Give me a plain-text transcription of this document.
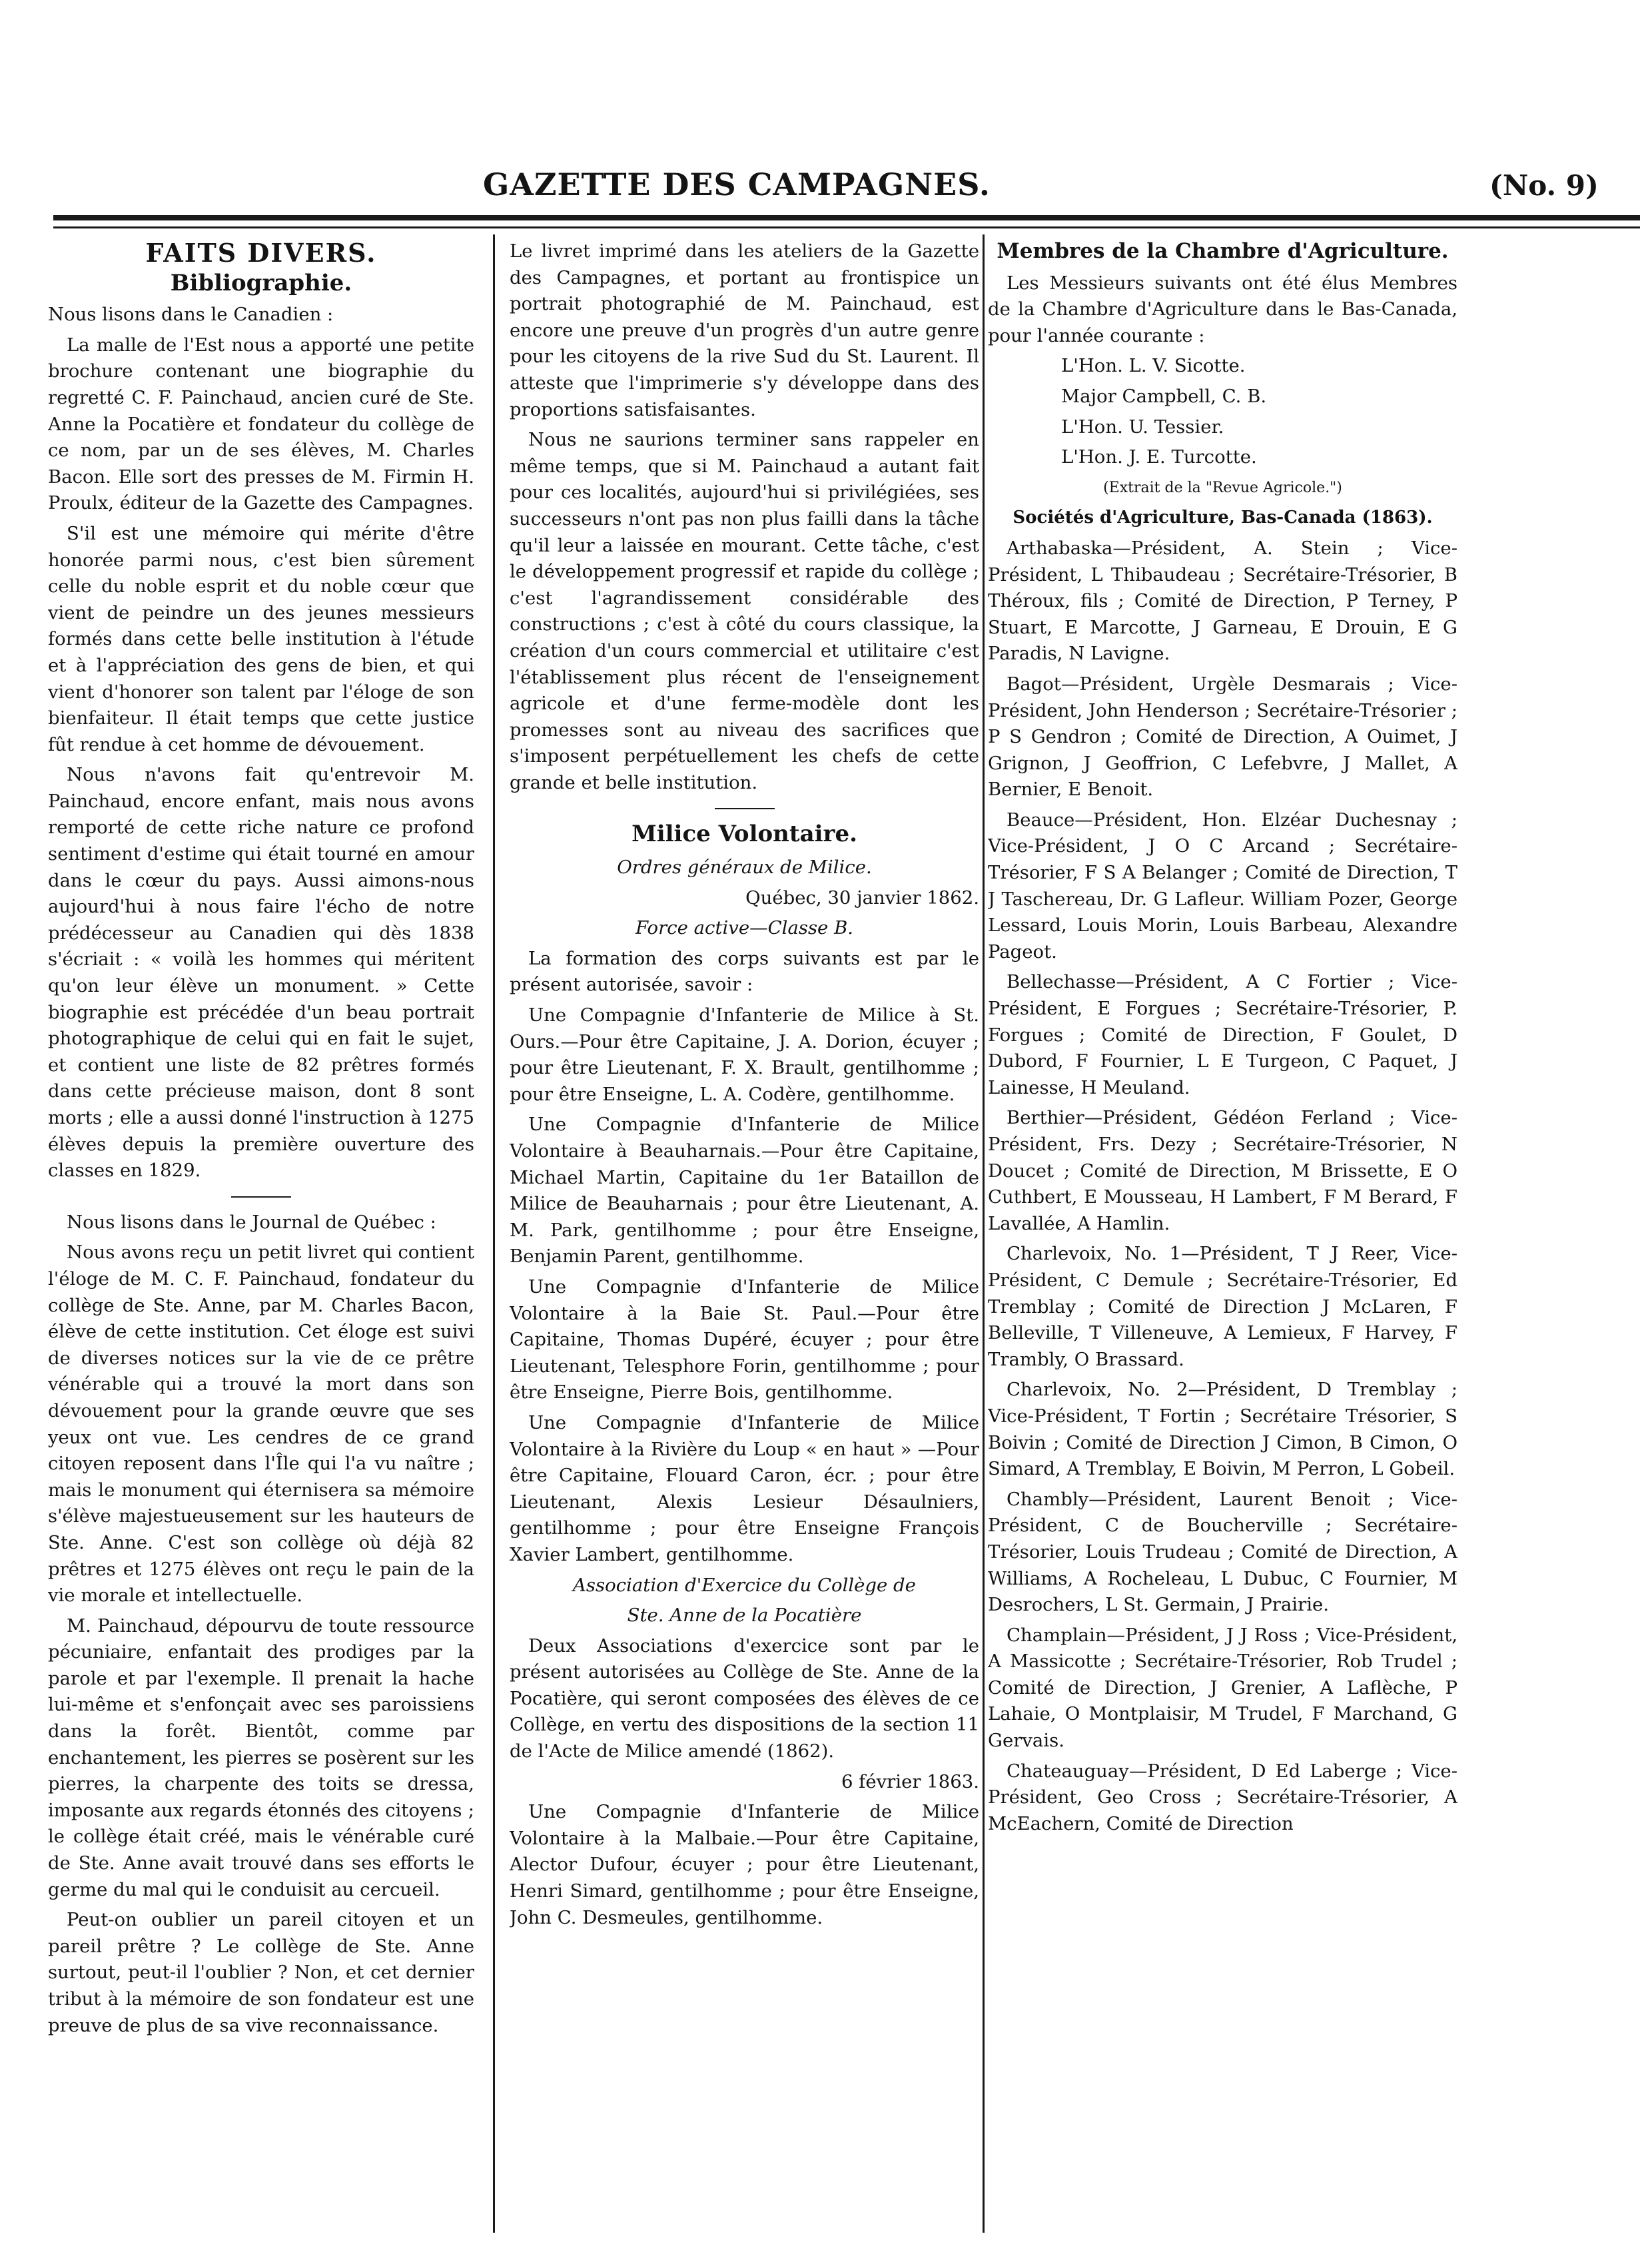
GAZETTE DES CAMPAGNES.	(No. 9)
FAITS DIVERS.
Bibliographie.

Nous lisons dans le Canadien :

La malle de l'Est nous a apporté une petite brochure contenant une biographie du regretté C. F. Painchaud, ancien curé de Ste. Anne la Pocatière et fondateur du collège de ce nom, par un de ses élèves, M. Charles Bacon. Elle sort des presses de M. Firmin H. Proulx, éditeur de la Gazette des Campagnes.

S'il est une mémoire qui mérite d'être honorée parmi nous, c'est bien sûrement celle du noble esprit et du noble cœur que vient de peindre un des jeunes messieurs formés dans cette belle institution à l'étude et à l'appréciation des gens de bien, et qui vient d'honorer son talent par l'éloge de son bienfaiteur. Il était temps que cette justice fût rendue à cet homme de dévouement.

Nous n'avons fait qu'entrevoir M. Painchaud, encore enfant, mais nous avons remporté de cette riche nature ce profond sentiment d'estime qui était tourné en amour dans le cœur du pays. Aussi aimons-nous aujourd'hui à nous faire l'écho de notre prédécesseur au Canadien qui dès 1838 s'écriait : « voilà les hommes qui méritent qu'on leur élève un monument. » Cette biographie est précédée d'un beau portrait photographique de celui qui en fait le sujet, et contient une liste de 82 prêtres formés dans cette précieuse maison, dont 8 sont morts ; elle a aussi donné l'instruction à 1275 élèves depuis la première ouverture des classes en 1829.

Nous lisons dans le Journal de Québec :

Nous avons reçu un petit livret qui contient l'éloge de M. C. F. Painchaud, fondateur du collège de Ste. Anne, par M. Charles Bacon, élève de cette institution. Cet éloge est suivi de diverses notices sur la vie de ce prêtre vénérable qui a trouvé la mort dans son dévouement pour la grande œuvre que ses yeux ont vue. Les cendres de ce grand citoyen reposent dans l'Île qui l'a vu naître ; mais le monument qui éternisera sa mémoire s'élève majestueusement sur les hauteurs de Ste. Anne. C'est son collège où déjà 82 prêtres et 1275 élèves ont reçu le pain de la vie morale et intellectuelle.

M. Painchaud, dépourvu de toute ressource pécuniaire, enfantait des prodiges par la parole et par l'exemple. Il prenait la hache lui-même et s'enfonçait avec ses paroissiens dans la forêt. Bientôt, comme par enchantement, les pierres se posèrent sur les pierres, la charpente des toits se dressa, imposante aux regards étonnés des citoyens ; le collège était créé, mais le vénérable curé de Ste. Anne avait trouvé dans ses efforts le germe du mal qui le conduisit au cercueil.

Peut-on oublier un pareil citoyen et un pareil prêtre ? Le collège de Ste. Anne surtout, peut-il l'oublier ? Non, et cet dernier tribut à la mémoire de son fondateur est une preuve de plus de sa vive reconnaissance.

Le livret imprimé dans les ateliers de la Gazette des Campagnes, et portant au frontispice un portrait photographié de M. Painchaud, est encore une preuve d'un progrès d'un autre genre pour les citoyens de la rive Sud du St. Laurent. Il atteste que l'imprimerie s'y développe dans des proportions satisfaisantes.

Nous ne saurions terminer sans rappeler en même temps, que si M. Painchaud a autant fait pour ces localités, aujourd'hui si privilégiées, ses successeurs n'ont pas non plus failli dans la tâche qu'il leur a laissée en mourant. Cette tâche, c'est le développement progressif et rapide du collège ; c'est l'agrandissement considérable des constructions ; c'est à côté du cours classique, la création d'un cours commercial et utilitaire c'est l'établissement plus récent de l'enseignement agricole et d'une ferme-modèle dont les promesses sont au niveau des sacrifices que s'imposent perpétuellement les chefs de cette grande et belle institution.

Milice Volontaire.

Ordres généraux de Milice.

Québec, 30 janvier 1862.

Force active—Classe B.

La formation des corps suivants est par le présent autorisée, savoir :

Une Compagnie d'Infanterie de Milice à St. Ours.—Pour être Capitaine, J. A. Dorion, écuyer ; pour être Lieutenant, F. X. Brault, gentilhomme ; pour être Enseigne, L. A. Codère, gentilhomme.

Une Compagnie d'Infanterie de Milice Volontaire à Beauharnais.—Pour être Capitaine, Michael Martin, Capitaine du 1er Bataillon de Milice de Beauharnais ; pour être Lieutenant, A. M. Park, gentilhomme ; pour être Enseigne, Benjamin Parent, gentilhomme.

Une Compagnie d'Infanterie de Milice Volontaire à la Baie St. Paul.—Pour être Capitaine, Thomas Dupéré, écuyer ; pour être Lieutenant, Telesphore Forin, gentilhomme ; pour être Enseigne, Pierre Bois, gentilhomme.

Une Compagnie d'Infanterie de Milice Volontaire à la Rivière du Loup « en haut » —Pour être Capitaine, Flouard Caron, écr. ; pour être Lieutenant, Alexis Lesieur Désaulniers, gentilhomme ; pour être Enseigne François Xavier Lambert, gentilhomme.

Association d'Exercice du Collège de

Ste. Anne de la Pocatière

Deux Associations d'exercice sont par le présent autorisées au Collège de Ste. Anne de la Pocatière, qui seront composées des élèves de ce Collège, en vertu des dispositions de la section 11 de l'Acte de Milice amendé (1862).

6 février 1863.

Une Compagnie d'Infanterie de Milice Volontaire à la Malbaie.—Pour être Capitaine, Alector Dufour, écuyer ; pour être Lieutenant, Henri Simard, gentilhomme ; pour être Enseigne, John C. Desmeules, gentilhomme.

Membres de la Chambre d'Agriculture.

Les Messieurs suivants ont été élus Membres de la Chambre d'Agriculture dans le Bas-Canada, pour l'année courante :

L'Hon. L. V. Sicotte.

Major Campbell, C. B.

L'Hon. U. Tessier.

L'Hon. J. E. Turcotte.

(Extrait de la "Revue Agricole.")

Sociétés d'Agriculture, Bas-Canada (1863).

Arthabaska—Président, A. Stein ; Vice-Président, L Thibaudeau ; Secrétaire-Trésorier, B Théroux, fils ; Comité de Direction, P Terney, P Stuart, E Marcotte, J Garneau, E Drouin, E G Paradis, N Lavigne.

Bagot—Président, Urgèle Desmarais ; Vice-Président, John Henderson ; Secrétaire-Trésorier ; P S Gendron ; Comité de Direction, A Ouimet, J Grignon, J Geoffrion, C Lefebvre, J Mallet, A Bernier, E Benoit.

Beauce—Président, Hon. Elzéar Duchesnay ; Vice-Président, J O C Arcand ; Secrétaire-Trésorier, F S A Belanger ; Comité de Direction, T J Taschereau, Dr. G Lafleur. William Pozer, George Lessard, Louis Morin, Louis Barbeau, Alexandre Pageot.

Bellechasse—Président, A C Fortier ; Vice-Président, E Forgues ; Secrétaire-Trésorier, P. Forgues ; Comité de Direction, F Goulet, D Dubord, F Fournier, L E Turgeon, C Paquet, J Lainesse, H Meuland.

Berthier—Président, Gédéon Ferland ; Vice-Président, Frs. Dezy ; Secrétaire-Trésorier, N Doucet ; Comité de Direction, M Brissette, E O Cuthbert, E Mousseau, H Lambert, F M Berard, F Lavallée, A Hamlin.

Charlevoix, No. 1—Président, T J Reer, Vice-Président, C Demule ; Secrétaire-Trésorier, Ed Tremblay ; Comité de Direction J McLaren, F Belleville, T Villeneuve, A Lemieux, F Harvey, F Trambly, O Brassard.

Charlevoix, No. 2—Président, D Tremblay ; Vice-Président, T Fortin ; Secrétaire Trésorier, S Boivin ; Comité de Direction J Cimon, B Cimon, O Simard, A Tremblay, E Boivin, M Perron, L Gobeil.

Chambly—Président, Laurent Benoit ; Vice-Président, C de Boucherville ; Secrétaire-Trésorier, Louis Trudeau ; Comité de Direction, A Williams, A Rocheleau, L Dubuc, C Fournier, M Desrochers, L St. Germain, J Prairie.

Champlain—Président, J J Ross ; Vice-Président, A Massicotte ; Secrétaire-Trésorier, Rob Trudel ; Comité de Direction, J Grenier, A Laflèche, P Lahaie, O Montplaisir, M Trudel, F Marchand, G Gervais.

Chateauguay—Président, D Ed Laberge ; Vice-Président, Geo Cross ; Secrétaire-Trésorier, A McEachern, Comité de Direction
